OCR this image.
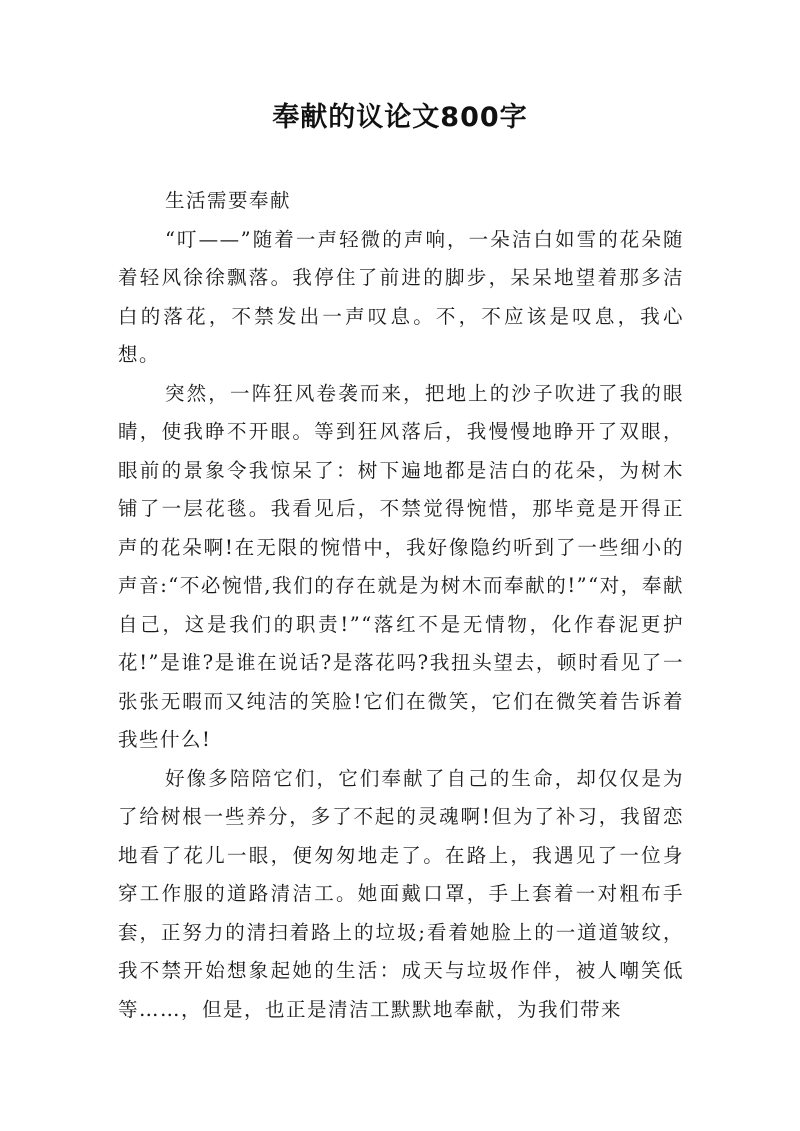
奉献的议论文800字

生活需要奉献

“叮——”随着一声轻微的声响，一朵洁白如雪的花朵随着轻风徐徐飘落。我停住了前进的脚步，呆呆地望着那多洁白的落花，不禁发出一声叹息。不，不应该是叹息，我心想。

突然，一阵狂风卷袭而来，把地上的沙子吹进了我的眼睛，使我睁不开眼。等到狂风落后，我慢慢地睁开了双眼，眼前的景象令我惊呆了：树下遍地都是洁白的花朵，为树木铺了一层花毯。我看见后，不禁觉得惋惜，那毕竟是开得正声的花朵啊!在无限的惋惜中，我好像隐约听到了一些细小的声音:“不必惋惜,我们的存在就是为树木而奉献的!”“对，奉献自己，这是我们的职责!”“落红不是无情物，化作春泥更护花!”是谁?是谁在说话?是落花吗?我扭头望去，顿时看见了一张张无暇而又纯洁的笑脸!它们在微笑，它们在微笑着告诉着我些什么!

好像多陪陪它们，它们奉献了自己的生命，却仅仅是为了给树根一些养分，多了不起的灵魂啊!但为了补习，我留恋地看了花儿一眼，便匆匆地走了。在路上，我遇见了一位身穿工作服的道路清洁工。她面戴口罩，手上套着一对粗布手套，正努力的清扫着路上的垃圾;看着她脸上的一道道皱纹，我不禁开始想象起她的生活：成天与垃圾作伴，被人嘲笑低等……，但是，也正是清洁工默默地奉献，为我们带来
